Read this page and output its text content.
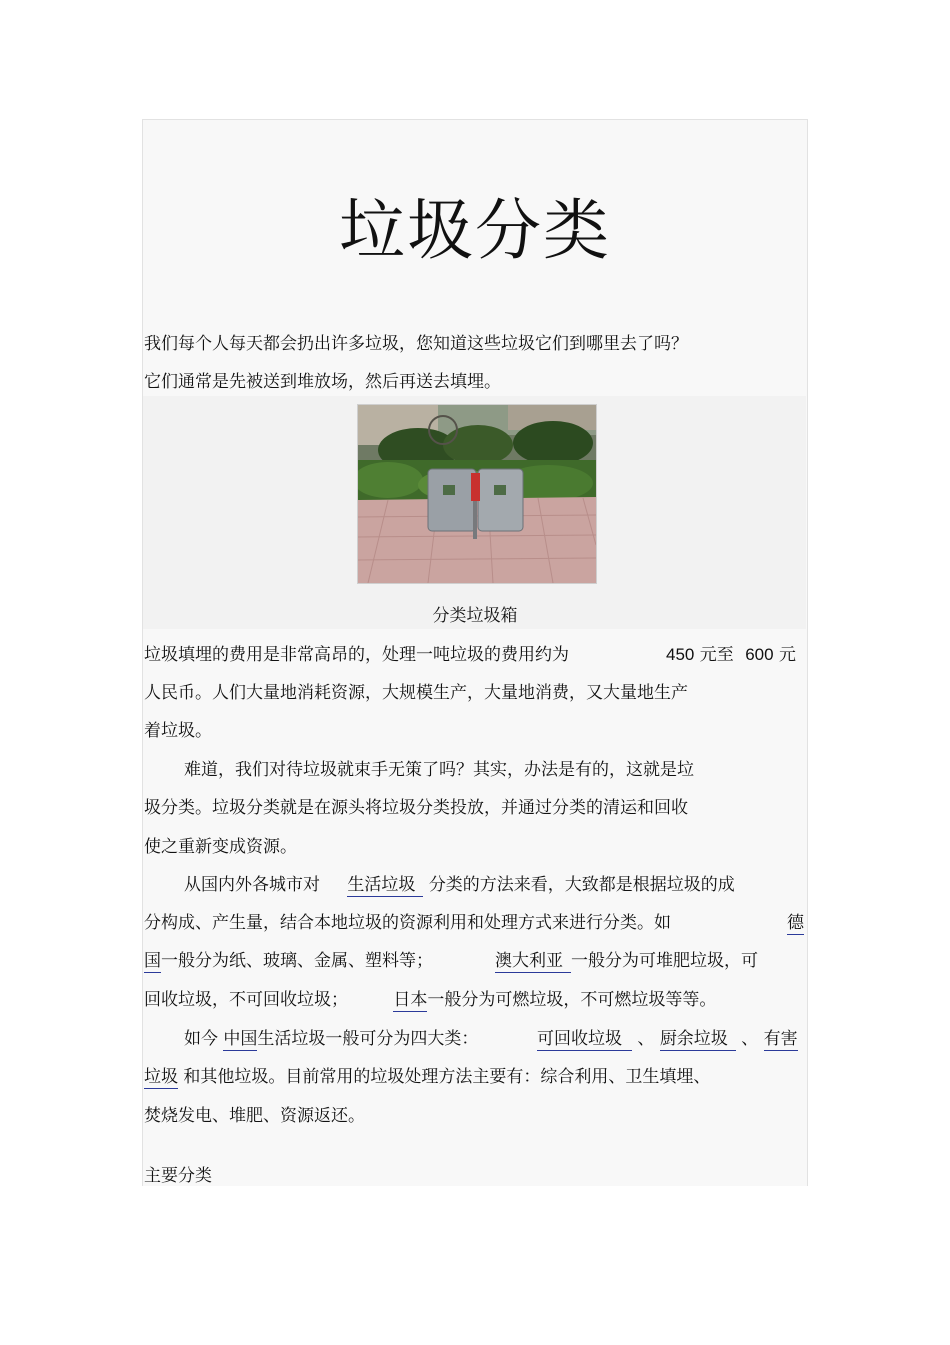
垃圾分类
我们每个人每天都会扔出许多垃圾，您知道这些垃圾它们到哪里去了吗？
它们通常是先被送到堆放场，然后再送去填埋。
分类垃圾箱
垃圾填埋的费用是非常高昂的，处理一吨垃圾的费用约为	450 元至 600 元
人民币。人们大量地消耗资源，大规模生产，大量地消费，又大量地生产
着垃圾。
难道，我们对待垃圾就束手无策了吗？其实，办法是有的，这就是垃
圾分类。垃圾分类就是在源头将垃圾分类投放，并通过分类的清运和回收
使之重新变成资源。
从国内外各城市对 生活垃圾 分类的方法来看，大致都是根据垃圾的成
分构成、产生量，结合本地垃圾的资源利用和处理方式来进行分类。如	德
国一般分为纸、玻璃、金属、塑料等；	澳大利亚 一般分为可堆肥垃圾，可
回收垃圾，不可回收垃圾；	日本一般分为可燃垃圾，不可燃垃圾等等。
如今 中国生活垃圾一般可分为四大类：	可回收垃圾 、 厨余垃圾 、 有害
垃圾 和其他垃圾。目前常用的垃圾处理方法主要有：综合利用、卫生填埋、
焚烧发电、堆肥、资源返还。
主要分类
